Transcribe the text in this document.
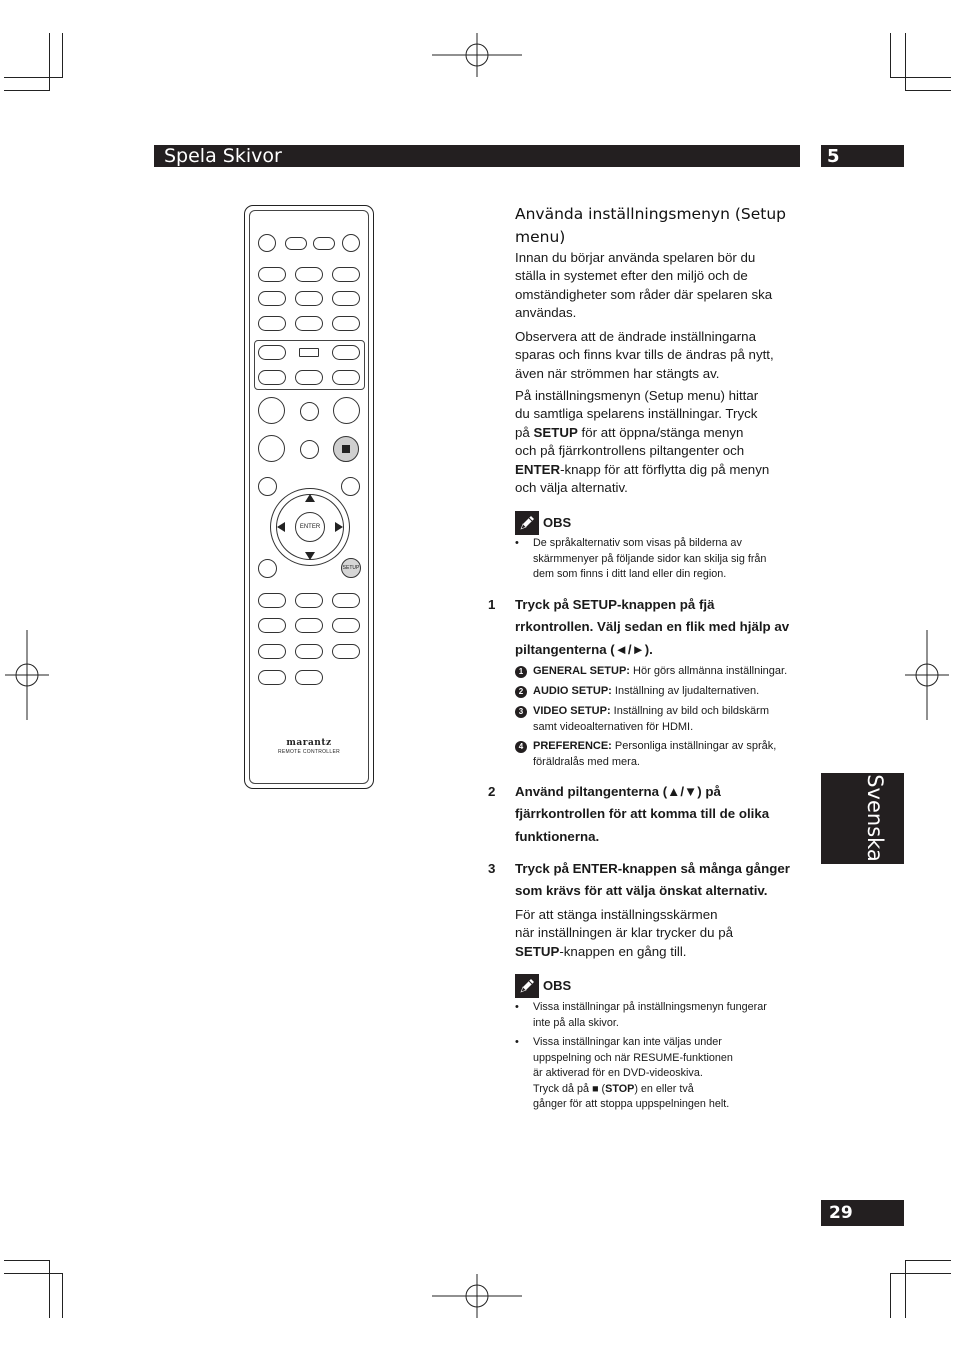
Spela Skivor	5
Svenska
29
ENTER
SETUP
marantz
REMOTE CONTROLLER
Använda inställningsmenyn (Setup
menu)
Innan du börjar använda spelaren bör du
ställa in systemet efter den miljö och de
omständigheter som råder där spelaren ska
användas.
Observera att de ändrade inställningarna
sparas och finns kvar tills de ändras på nytt,
även när strömmen har stängts av.
På inställningsmenyn (Setup menu) hittar
du samtliga spelarens inställningar. Tryck
på SETUP för att öppna/stänga menyn
och på fjärrkontrollens piltangenter och
ENTER-knapp för att förflytta dig på menyn
och välja alternativ.
OBS
• De språkalternativ som visas på bilderna av
skärmmenyer på följande sidor kan skilja sig från
dem som finns i ditt land eller din region.
1 Tryck på SETUP-knappen på fjä
rrkontrollen. Välj sedan en flik med hjälp av
piltangenterna (◄/►).
1 GENERAL SETUP: Hör görs allmänna inställningar.
2 AUDIO SETUP: Inställning av ljudalternativen.
3 VIDEO SETUP: Inställning av bild och bildskärm
samt videoalternativen för HDMI.
4 PREFERENCE: Personliga inställningar av språk,
föräldralås med mera.
2 Använd piltangenterna (▲/▼) på
fjärrkontrollen för att komma till de olika
funktionerna.
3 Tryck på ENTER-knappen så många gånger
som krävs för att välja önskat alternativ.
För att stänga inställningsskärmen
när inställningen är klar trycker du på
SETUP-knappen en gång till.
OBS
• Vissa inställningar på inställningsmenyn fungerar
inte på alla skivor.
• Vissa inställningar kan inte väljas under
uppspelning och när RESUME-funktionen
är aktiverad för en DVD-videoskiva.
Tryck då på ■ (STOP) en eller två
gånger för att stoppa uppspelningen helt.
